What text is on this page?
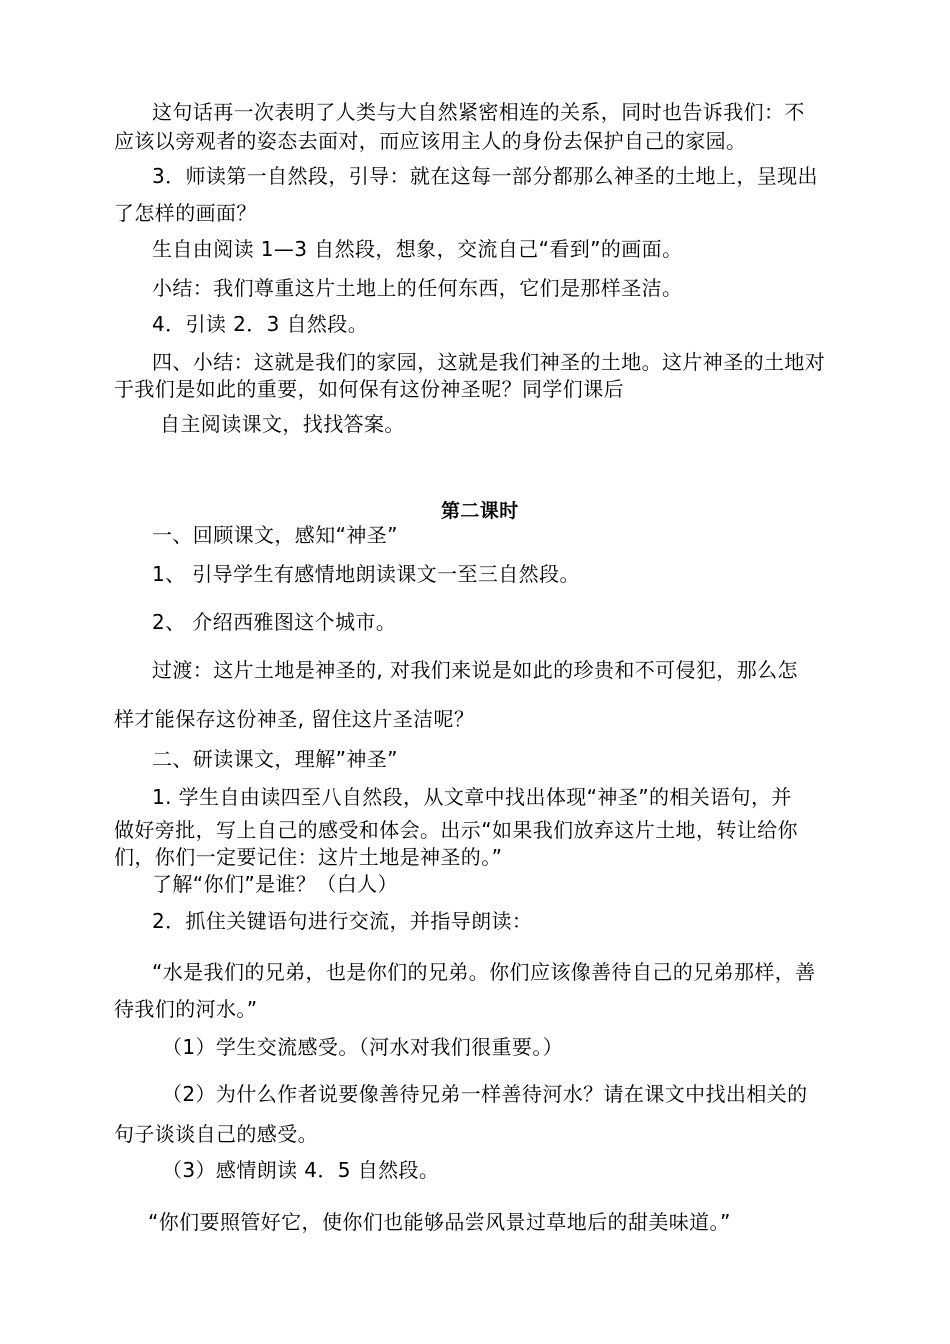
这句话再一次表明了人类与大自然紧密相连的关系，同时也告诉我们：不
应该以旁观者的姿态去面对，而应该用主人的身份去保护自己的家园。
3．师读第一自然段，引导：就在这每一部分都那么神圣的土地上，呈现出
了怎样的画面？
生自由阅读 1—3 自然段，想象，交流自己“看到”的画面。
小结：我们尊重这片土地上的任何东西，它们是那样圣洁。
4．引读 2．3 自然段。
四、小结：这就是我们的家园，这就是我们神圣的土地。这片神圣的土地对
于我们是如此的重要，如何保有这份神圣呢？同学们课后
自主阅读课文，找找答案。
第二课时
一、回顾课文，感知“神圣”
1、 引导学生有感情地朗读课文一至三自然段。
2、 介绍西雅图这个城市。
过渡：这片土地是神圣的, 对我们来说是如此的珍贵和不可侵犯，那么怎
样才能保存这份神圣, 留住这片圣洁呢？
二、研读课文，理解”神圣”
1. 学生自由读四至八自然段，从文章中找出体现“神圣”的相关语句，并
做好旁批，写上自己的感受和体会。出示“如果我们放弃这片土地，转让给你
们，你们一定要记住：这片土地是神圣的。”
了解“你们”是谁？（白人）
2．抓住关键语句进行交流，并指导朗读：
“水是我们的兄弟，也是你们的兄弟。你们应该像善待自己的兄弟那样，善
待我们的河水。”
（1）学生交流感受。（河水对我们很重要。）
（2）为什么作者说要像善待兄弟一样善待河水？请在课文中找出相关的
句子谈谈自己的感受。
（3）感情朗读 4．5 自然段。
“你们要照管好它，使你们也能够品尝风景过草地后的甜美味道。”
